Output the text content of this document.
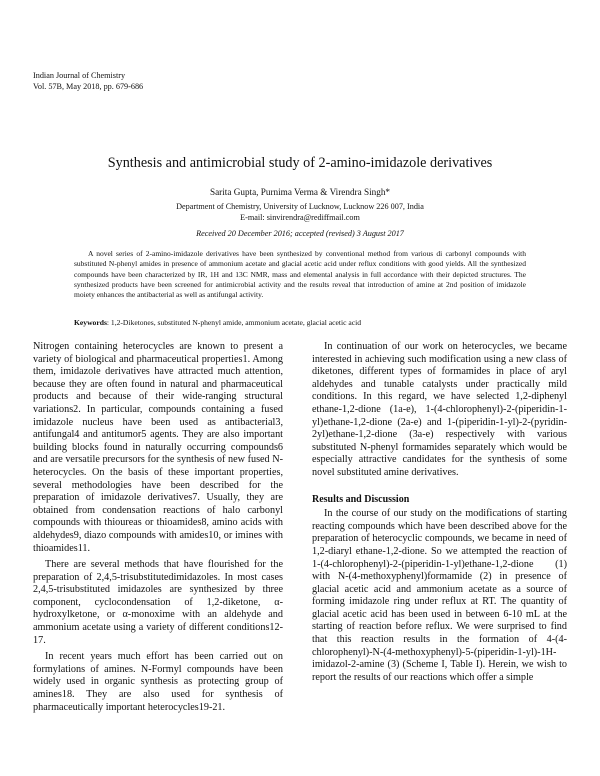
Indian Journal of Chemistry
Vol. 57B, May 2018, pp. 679-686
Synthesis and antimicrobial study of 2-amino-imidazole derivatives
Sarita Gupta, Purnima Verma & Virendra Singh*
Department of Chemistry, University of Lucknow, Lucknow 226 007, India
E-mail: sinvirendra@rediffmail.com
Received 20 December 2016; accepted (revised) 3 August 2017

A novel series of 2-amino-imidazole derivatives have been synthesized by conventional method from various di carbonyl compounds with substituted N-phenyl amides in presence of ammonium acetate and glacial acetic acid under reflux conditions with good yields. All the synthesized compounds have been characterized by IR, 1H and 13C NMR, mass and elemental analysis in full accordance with their depicted structures. The synthesized products have been screened for antimicrobial activity and the results reveal that introduction of amine at 2nd position of imidazole moiety enhances the antibacterial as well as antifungal activity.

Keywords: 1,2-Diketones, substituted N-phenyl amide, ammonium acetate, glacial acetic acid

Nitrogen containing heterocycles are known to present a variety of biological and pharmaceutical properties1. Among them, imidazole derivatives have attracted much attention, because they are often found in natural and pharmaceutical products and because of their wide-ranging structural variations2. In particular, compounds containing a fused imidazole nucleus have been used as antibacterial3, antifungal4 and antitumor5 agents. They are also important building blocks found in naturally occurring compounds6 and are versatile precursors for the synthesis of new fused N-heterocycles. On the basis of these important properties, several methodologies have been described for the preparation of imidazole derivatives7. Usually, they are obtained from condensation reactions of halo carbonyl compounds with thioureas or thioamides8, amino acids with aldehydes9, diazo compounds with amides10, or imines with thioamides11.

There are several methods that have flourished for the preparation of 2,4,5-trisubstitutedimidazoles. In most cases 2,4,5-trisubstituted imidazoles are synthesized by three component, cyclocondensation of 1,2-diketone, α-hydroxylketone, or α-monoxime with an aldehyde and ammonium acetate using a variety of different conditions12-17.

In recent years much effort has been carried out on formylations of amines. N-Formyl compounds have been widely used in organic synthesis as protecting group of amines18. They are also used for synthesis of pharmaceutically important heterocycles19-21.

In continuation of our work on heterocycles, we became interested in achieving such modification using a new class of diketones, different types of formamides in place of aryl aldehydes and tunable catalysts under practically mild conditions. In this regard, we have selected 1,2-diphenyl ethane-1,2-dione (1a-e), 1-(4-chlorophenyl)-2-(piperidin-1-yl)ethane-1,2-dione (2a-e) and 1-(piperidin-1-yl)-2-(pyridin-2yl)ethane-1,2-dione (3a-e) respectively with various substituted N-phenyl formamides separately which would be especially attractive candidates for the synthesis of some novel substituted amine derivatives.

Results and Discussion

In the course of our study on the modifications of starting reacting compounds which have been described above for the preparation of heterocyclic compounds, we became in need of 1,2-diaryl ethane-1,2-dione. So we attempted the reaction of 1-(4-chlorophenyl)-2-(piperidin-1-yl)ethane-1,2-dione (1) with N-(4-methoxyphenyl)formamide (2) in presence of glacial acetic acid and ammonium acetate as a source of forming imidazole ring under reflux at RT. The quantity of glacial acetic acid has been used in between 6-10 mL at the starting of reaction before reflux. We were surprised to find that this reaction results in the formation of 4-(4-chlorophenyl)-N-(4-methoxyphenyl)-5-(piperidin-1-yl)-1H-imidazol-2-amine (3) (Scheme I, Table I). Herein, we wish to report the results of our reactions which offer a simple
